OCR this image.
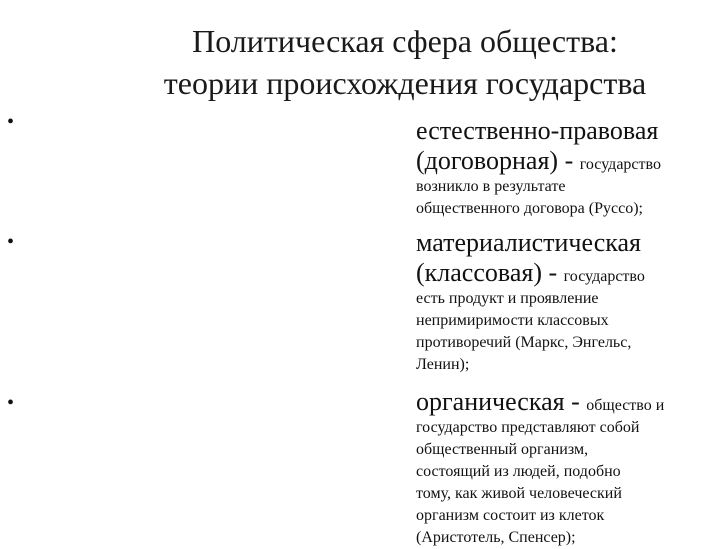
Политическая сфера общества:
теории происхождения государства
•	естественно-правовая
(договорная) - государство
возникло в результате
общественного договора (Руссо);
•	материалистическая
(классовая) - государство
есть продукт и проявление
непримиримости классовых
противоречий (Маркс, Энгельс,
Ленин);
•	органическая - общество и
государство представляют собой
общественный организм,
состоящий из людей, подобно
тому, как живой человеческий
организм состоит из клеток
(Аристотель, Спенсер);
